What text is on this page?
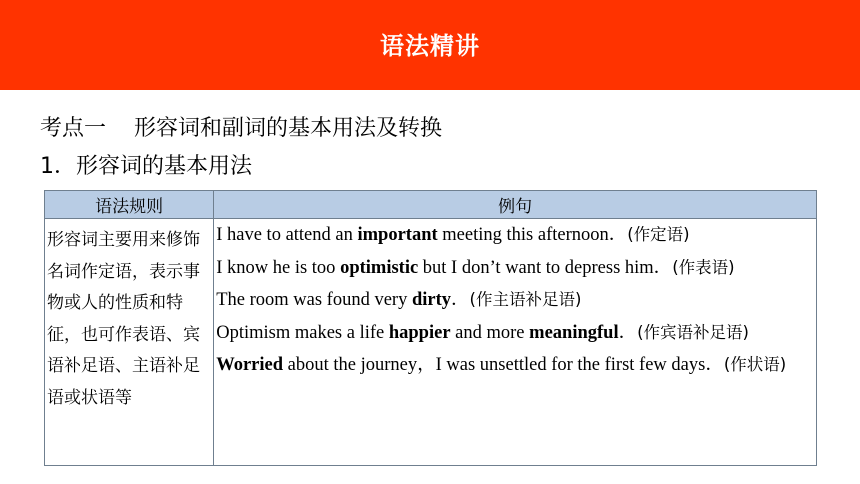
语法精讲
考点一 形容词和副词的基本用法及转换
1．形容词的基本用法
语法规则	例句
形容词主要用来修饰名词作定语，表示事物或人的性质和特征，也可作表语、宾语补足语、主语补足语或状语等	I have to attend an important meeting this afternoon．(作定语)
I know he is too optimistic but I don’t want to depress him．(作表语)
The room was found very dirty．(作主语补足语)
Optimism makes a life happier and more meaningful．(作宾语补足语)
Worried about the journey，I was unsettled for the first few days．(作状语)
